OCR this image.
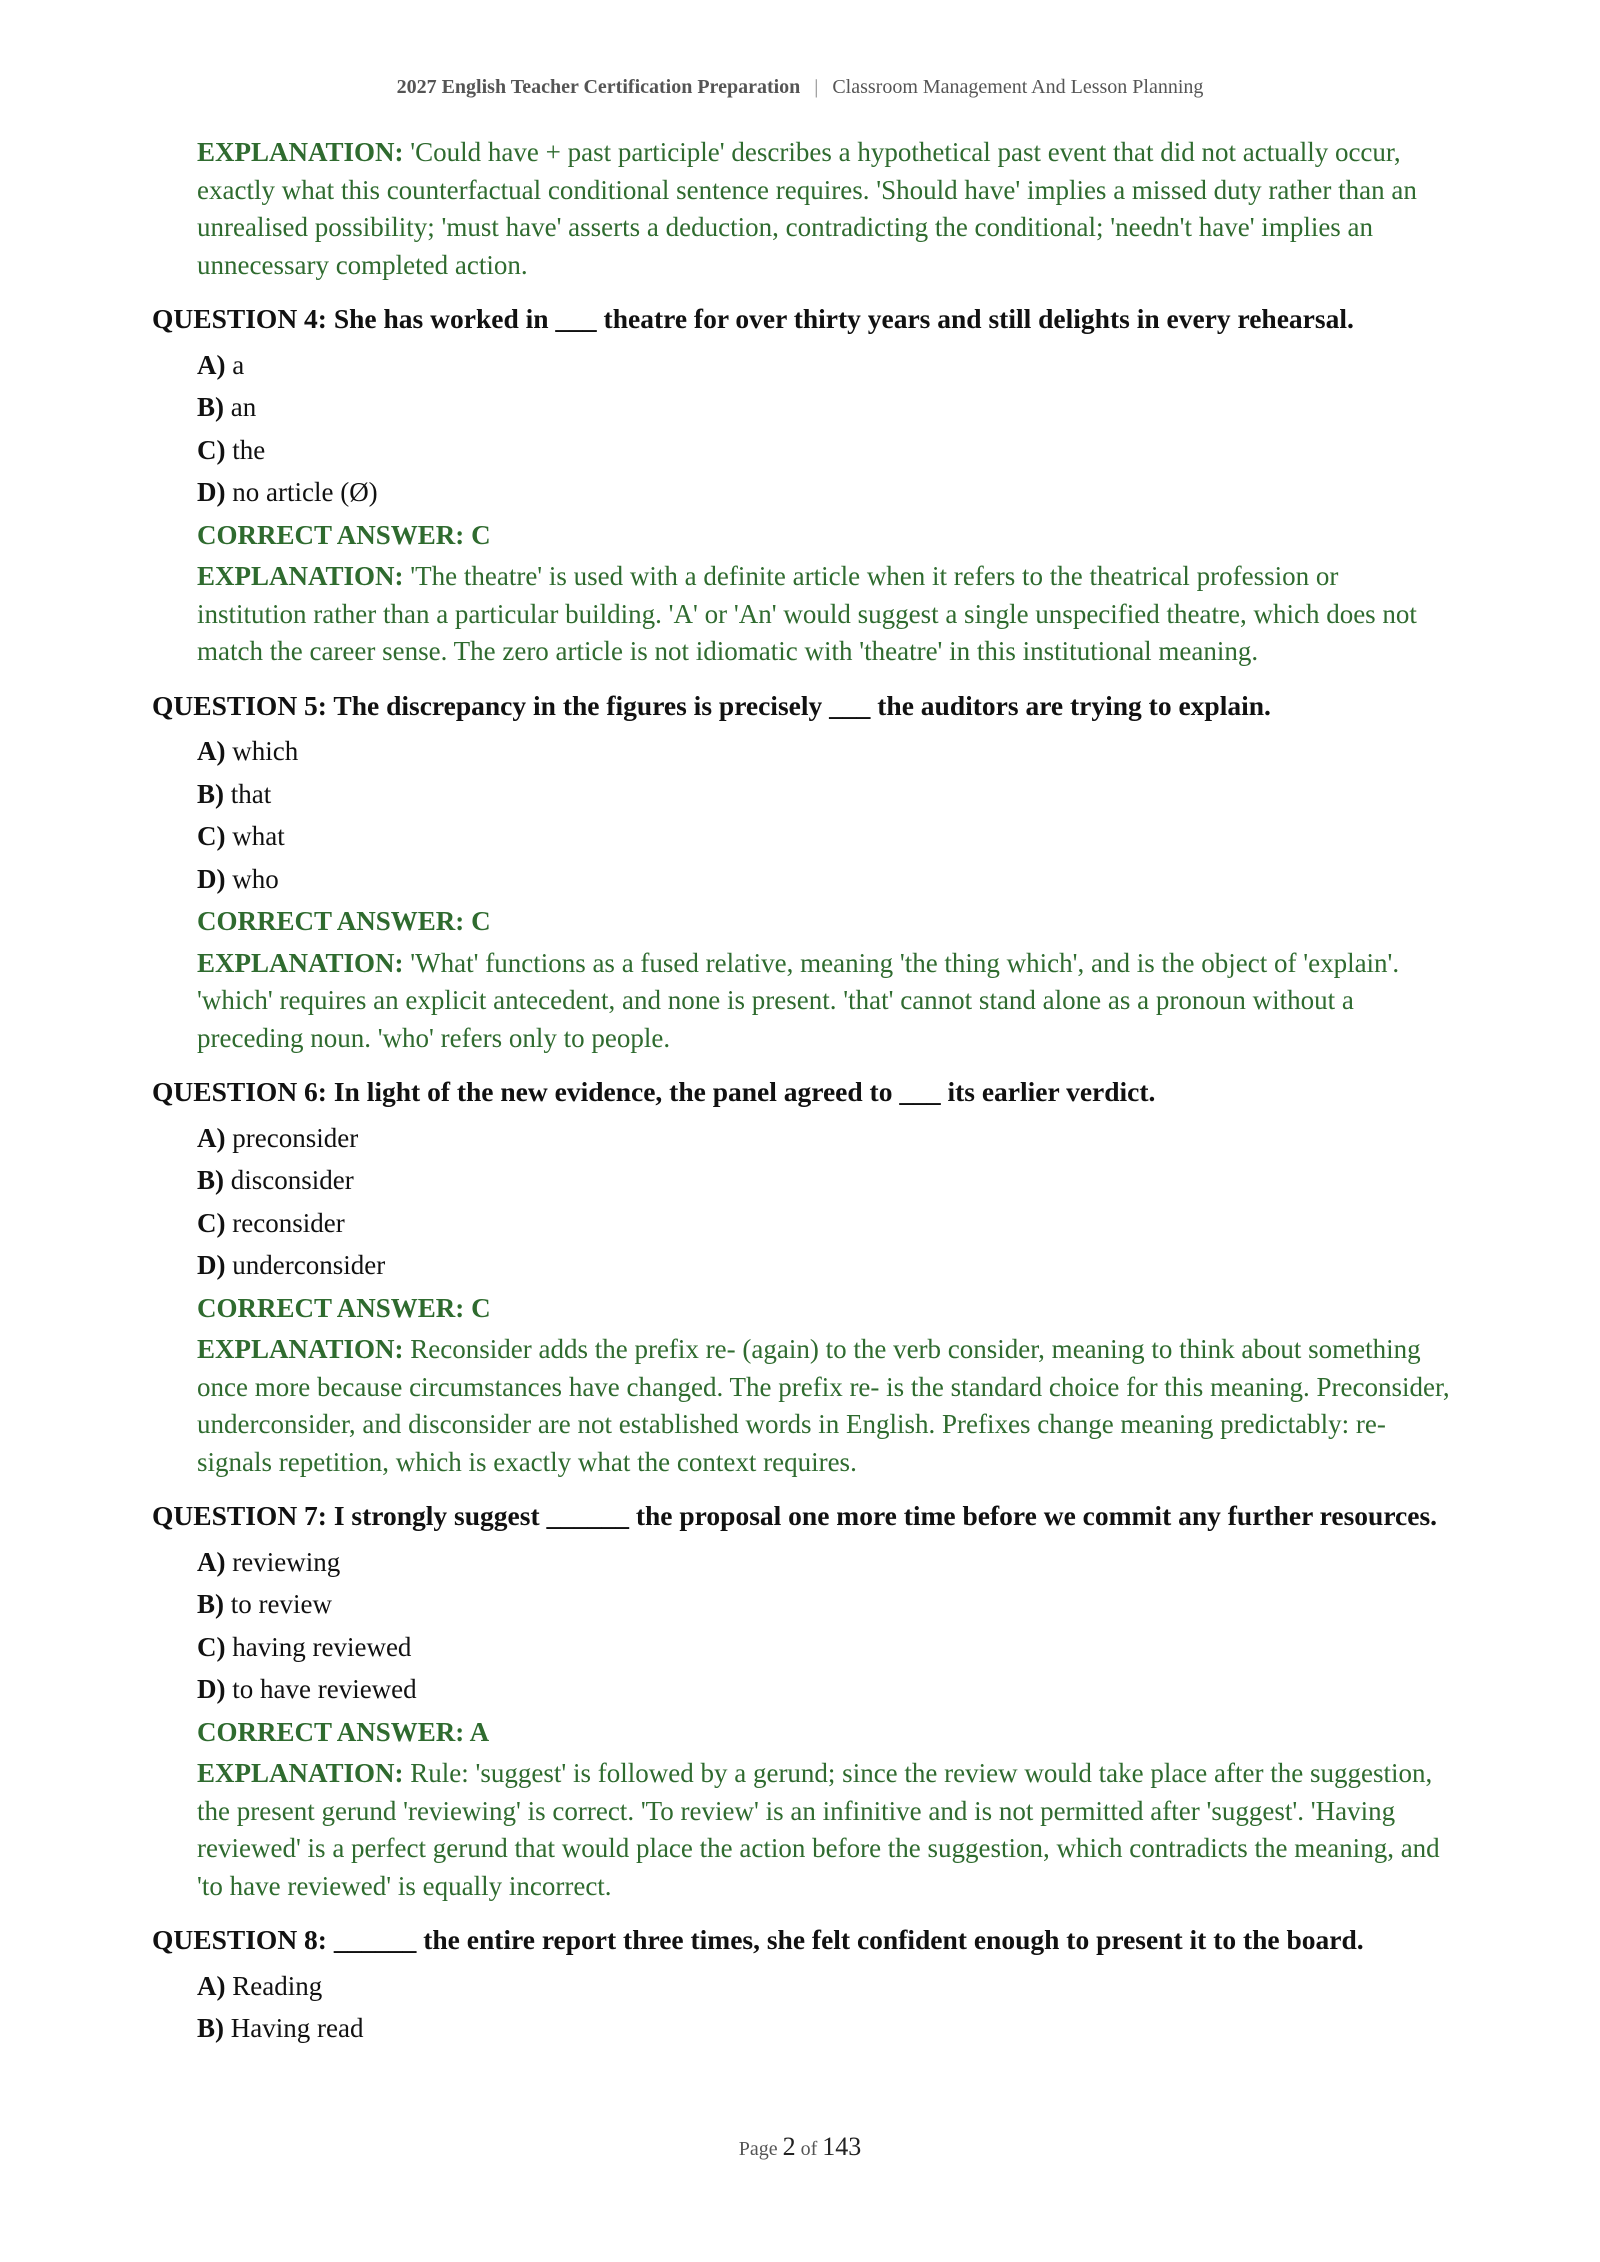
2027 English Teacher Certification Preparation | Classroom Management And Lesson Planning

EXPLANATION: 'Could have + past participle' describes a hypothetical past event that did not actually occur, exactly what this counterfactual conditional sentence requires. 'Should have' implies a missed duty rather than an unrealised possibility; 'must have' asserts a deduction, contradicting the conditional; 'needn't have' implies an unnecessary completed action.

QUESTION 4: She has worked in ___ theatre for over thirty years and still delights in every rehearsal.

A) a
B) an
C) the
D) no article (Ø)

CORRECT ANSWER: C

EXPLANATION: 'The theatre' is used with a definite article when it refers to the theatrical profession or institution rather than a particular building. 'A' or 'An' would suggest a single unspecified theatre, which does not match the career sense. The zero article is not idiomatic with 'theatre' in this institutional meaning.

QUESTION 5: The discrepancy in the figures is precisely ___ the auditors are trying to explain.

A) which
B) that
C) what
D) who

CORRECT ANSWER: C

EXPLANATION: 'What' functions as a fused relative, meaning 'the thing which', and is the object of 'explain'. 'which' requires an explicit antecedent, and none is present. 'that' cannot stand alone as a pronoun without a preceding noun. 'who' refers only to people.

QUESTION 6: In light of the new evidence, the panel agreed to ___ its earlier verdict.

A) preconsider
B) disconsider
C) reconsider
D) underconsider

CORRECT ANSWER: C

EXPLANATION: Reconsider adds the prefix re- (again) to the verb consider, meaning to think about something once more because circumstances have changed. The prefix re- is the standard choice for this meaning. Preconsider, underconsider, and disconsider are not established words in English. Prefixes change meaning predictably: re- signals repetition, which is exactly what the context requires.

QUESTION 7: I strongly suggest ______ the proposal one more time before we commit any further resources.

A) reviewing
B) to review
C) having reviewed
D) to have reviewed

CORRECT ANSWER: A

EXPLANATION: Rule: 'suggest' is followed by a gerund; since the review would take place after the suggestion, the present gerund 'reviewing' is correct. 'To review' is an infinitive and is not permitted after 'suggest'. 'Having reviewed' is a perfect gerund that would place the action before the suggestion, which contradicts the meaning, and 'to have reviewed' is equally incorrect.

QUESTION 8: ______ the entire report three times, she felt confident enough to present it to the board.

A) Reading
B) Having read
Page 2 of 143
